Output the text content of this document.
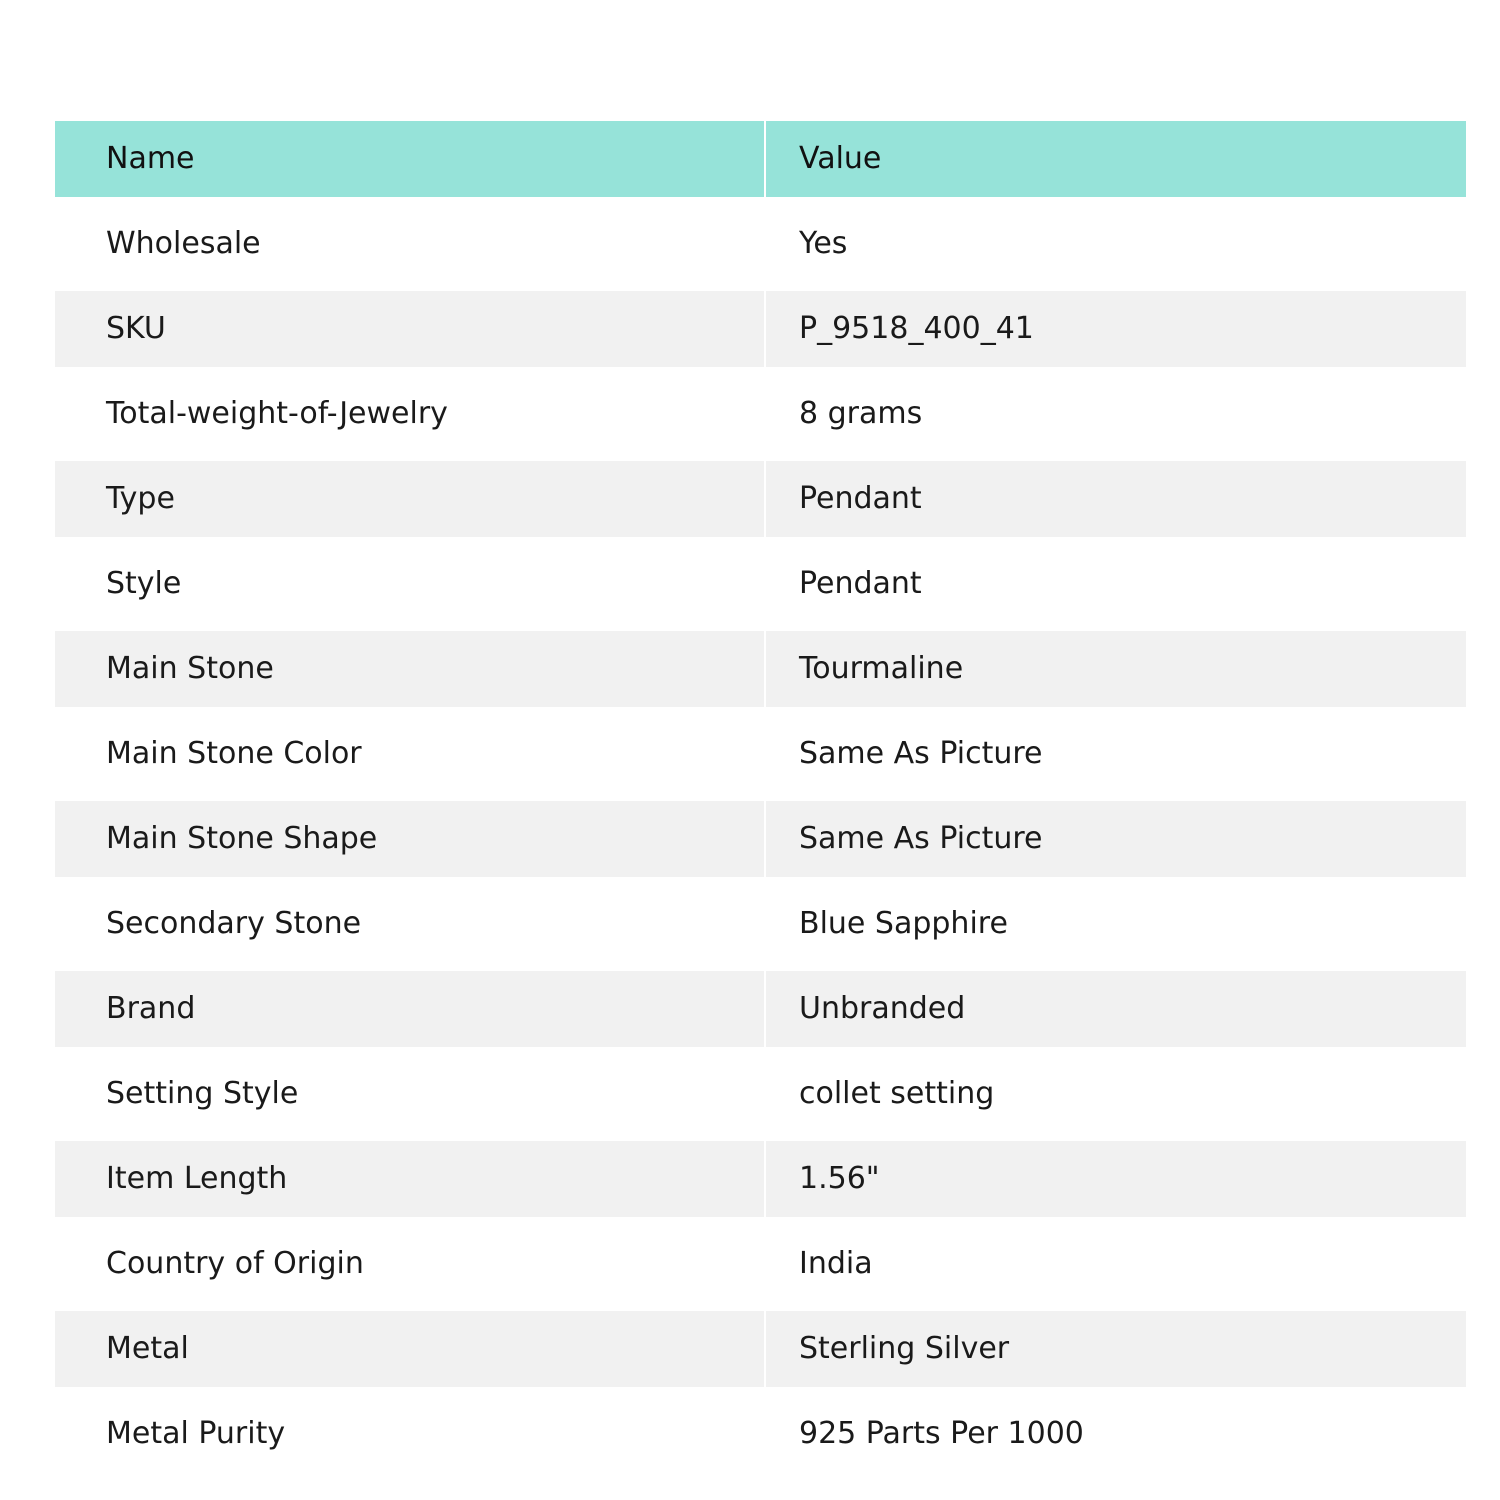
Name	Value
Wholesale	Yes
SKU	P_9518_400_41
Total-weight-of-Jewelry	8 grams
Type	Pendant
Style	Pendant
Main Stone	Tourmaline
Main Stone Color	Same As Picture
Main Stone Shape	Same As Picture
Secondary Stone	Blue Sapphire
Brand	Unbranded
Setting Style	collet setting
Item Length	1.56"
Country of Origin	India
Metal	Sterling Silver
Metal Purity	925 Parts Per 1000
